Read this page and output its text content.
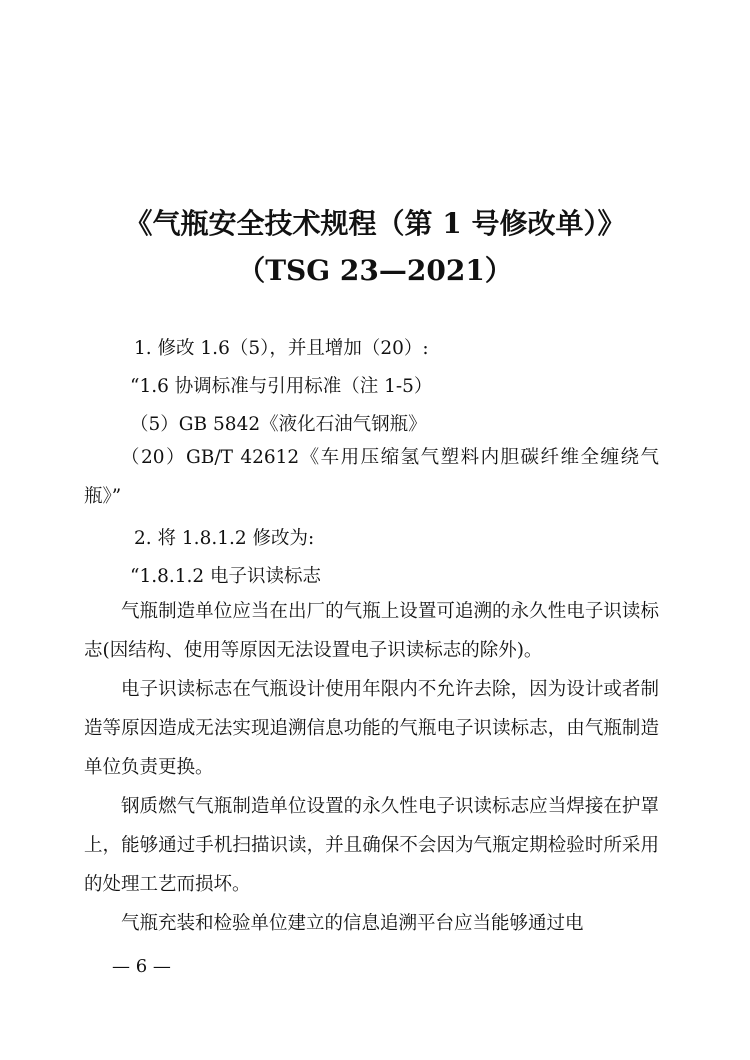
《气瓶安全技术规程（第 1 号修改单）》
（TSG 23—2021）

1. 修改 1.6（5），并且增加（20）:

“1.6 协调标准与引用标准（注 1-5）

（5）GB 5842《液化石油气钢瓶》

（20）GB/T 42612《车用压缩氢气塑料内胆碳纤维全缠绕气瓶》”

2. 将 1.8.1.2 修改为:

“1.8.1.2 电子识读标志

气瓶制造单位应当在出厂的气瓶上设置可追溯的永久性电子识读标志(因结构、使用等原因无法设置电子识读标志的除外)。

电子识读标志在气瓶设计使用年限内不允许去除，因为设计或者制造等原因造成无法实现追溯信息功能的气瓶电子识读标志，由气瓶制造单位负责更换。

钢质燃气气瓶制造单位设置的永久性电子识读标志应当焊接在护罩上，能够通过手机扫描识读，并且确保不会因为气瓶定期检验时所采用的处理工艺而损坏。

气瓶充装和检验单位建立的信息追溯平台应当能够通过电

— 6 —
